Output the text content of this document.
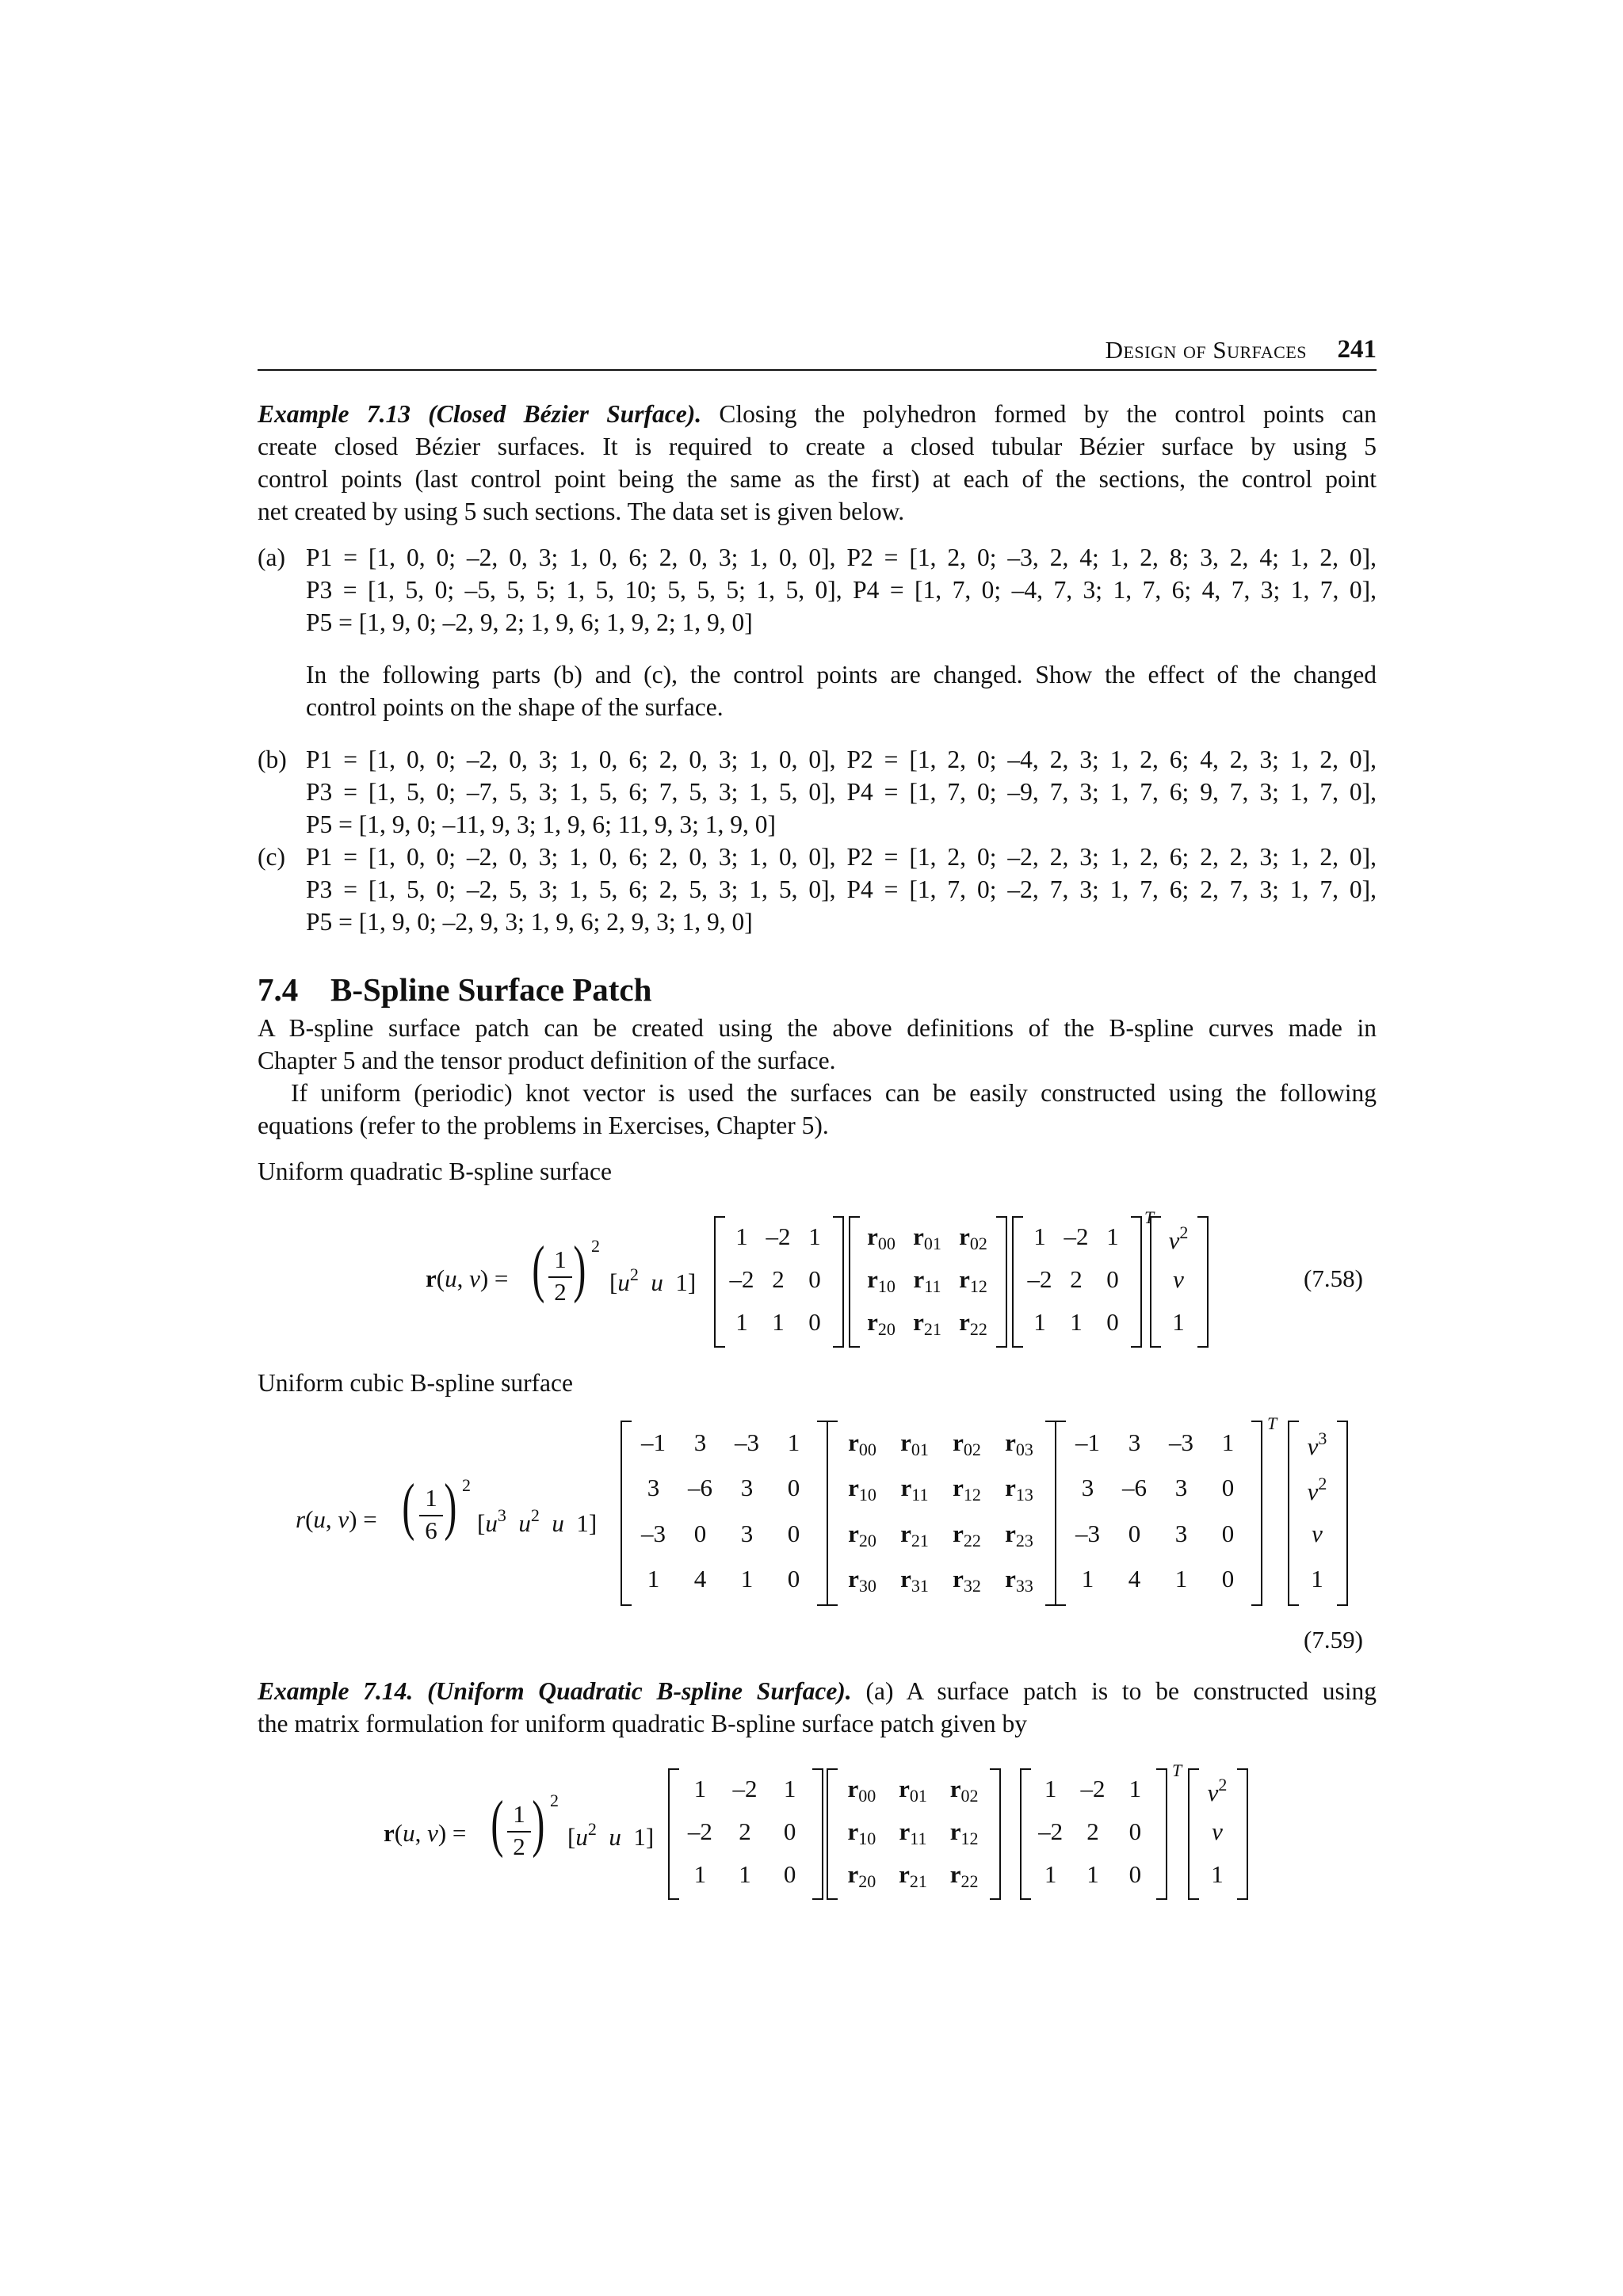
Design of Surfaces 241
Example 7.13 (Closed Bézier Surface). Closing the polyhedron formed by the control points can
create closed Bézier surfaces. It is required to create a closed tubular Bézier surface by using 5
control points (last control point being the same as the first) at each of the sections, the control point
net created by using 5 such sections. The data set is given below.
(a) P1 = [1, 0, 0; –2, 0, 3; 1, 0, 6; 2, 0, 3; 1, 0, 0], P2 = [1, 2, 0; –3, 2, 4; 1, 2, 8; 3, 2, 4; 1, 2, 0],
P3 = [1, 5, 0; –5, 5, 5; 1, 5, 10; 5, 5, 5; 1, 5, 0], P4 = [1, 7, 0; –4, 7, 3; 1, 7, 6; 4, 7, 3; 1, 7, 0],
P5 = [1, 9, 0; –2, 9, 2; 1, 9, 6; 1, 9, 2; 1, 9, 0]
In the following parts (b) and (c), the control points are changed. Show the effect of the changed
control points on the shape of the surface.
(b) P1 = [1, 0, 0; –2, 0, 3; 1, 0, 6; 2, 0, 3; 1, 0, 0], P2 = [1, 2, 0; –4, 2, 3; 1, 2, 6; 4, 2, 3; 1, 2, 0],
P3 = [1, 5, 0; –7, 5, 3; 1, 5, 6; 7, 5, 3; 1, 5, 0], P4 = [1, 7, 0; –9, 7, 3; 1, 7, 6; 9, 7, 3; 1, 7, 0],
P5 = [1, 9, 0; –11, 9, 3; 1, 9, 6; 11, 9, 3; 1, 9, 0]
(c) P1 = [1, 0, 0; –2, 0, 3; 1, 0, 6; 2, 0, 3; 1, 0, 0], P2 = [1, 2, 0; –2, 2, 3; 1, 2, 6; 2, 2, 3; 1, 2, 0],
P3 = [1, 5, 0; –2, 5, 3; 1, 5, 6; 2, 5, 3; 1, 5, 0], P4 = [1, 7, 0; –2, 7, 3; 1, 7, 6; 2, 7, 3; 1, 7, 0],
P5 = [1, 9, 0; –2, 9, 3; 1, 9, 6; 2, 9, 3; 1, 9, 0]
7.4 B-Spline Surface Patch
A B-spline surface patch can be created using the above definitions of the B-spline curves made in
Chapter 5 and the tensor product definition of the surface.
If uniform (periodic) knot vector is used the surfaces can be easily constructed using the following
equations (refer to the problems in Exercises, Chapter 5).
Uniform quadratic B-spline surface
r(u, v) = ( 1
2 ) 2
[$u^2$ u  1]
1 –2 1
–2 2 0
1 1 0
$r_{00}$ $r_{01}$ $r_{02}$
$r_{10}$ $r_{11}$ $r_{12}$
$r_{20}$ $r_{21}$ $r_{22}$
1 –2 1
–2 2 0
1 1 0
T
$v^2$
v
1
(7.58)
Uniform cubic B-spline surface
r(u, v) = ( 1
6 ) 2
[$u^3$ $u^2$ u  1]
–1	3	–3	1
3	–6	3	0
–3	0	3	0
1	4	1	0
$r_{00}$ $r_{01}$ $r_{02}$ $r_{03}$
$r_{10}$ $r_{11}$ $r_{12}$ $r_{13}$
$r_{20}$ $r_{21}$ $r_{22}$ $r_{23}$
$r_{30}$ $r_{31}$ $r_{32}$ $r_{33}$
–1	3	–3	1
3	–6	3	0
–3	0	3	0
1	4	1	0
T
$v^3$
$v^2$
v
1
(7.59)
Example 7.14. (Uniform Quadratic B-spline Surface). (a) A surface patch is to be constructed using
the matrix formulation for uniform quadratic B-spline surface patch given by
r(u, v) = ( 1
2 ) 2
[$u^2$ u  1]
1	–2	1
–2	2	0
1	1	0
$r_{00}$ $r_{01}$ $r_{02}$
$r_{10}$ $r_{11}$ $r_{12}$
$r_{20}$ $r_{21}$ $r_{22}$
1 –2 1
–2 2	0
1	1	0
T
$v^2$
v
1
